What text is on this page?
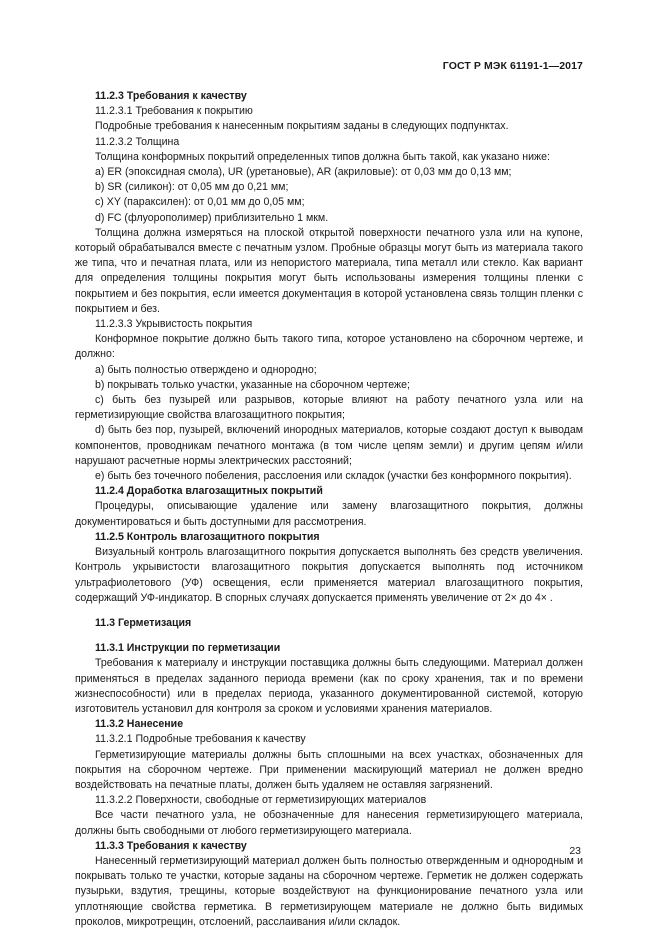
ГОСТ Р МЭК 61191-1—2017

11.2.3 Требования к качеству

11.2.3.1 Требования к покрытию

Подробные требования к нанесенным покрытиям заданы в следующих подпунктах.

11.2.3.2 Толщина

Толщина конформных покрытий определенных типов должна быть такой, как указано ниже:

a) ER (эпоксидная смола), UR (уретановые), AR (акриловые): от 0,03 мм до 0,13 мм;

b) SR (силикон): от 0,05 мм до 0,21 мм;

c) XY (параксилен): от 0,01 мм до 0,05 мм;

d) FC (флуорополимер) приблизительно 1 мкм.

Толщина должна измеряться на плоской открытой поверхности печатного узла или на купоне, который обрабатывался вместе с печатным узлом. Пробные образцы могут быть из материала такого же типа, что и печатная плата, или из непористого материала, типа металл или стекло. Как вариант для определения толщины покрытия могут быть использованы измерения толщины пленки с покрытием и без покрытия, если имеется документация в которой установлена связь толщин пленки с покрытием и без.

11.2.3.3 Укрывистость покрытия

Конформное покрытие должно быть такого типа, которое установлено на сборочном чертеже, и должно:

a) быть полностью отверждено и однородно;

b) покрывать только участки, указанные на сборочном чертеже;

c) быть без пузырей или разрывов, которые влияют на работу печатного узла или на герметизирующие свойства влагозащитного покрытия;

d) быть без пор, пузырей, включений инородных материалов, которые создают доступ к выводам компонентов, проводникам печатного монтажа (в том числе цепям земли) и другим цепям и/или нарушают расчетные нормы электрических расстояний;

e) быть без точечного побеления, расслоения или складок (участки без конформного покрытия).

11.2.4 Доработка влагозащитных покрытий

Процедуры, описывающие удаление или замену влагозащитного покрытия, должны документироваться и быть доступными для рассмотрения.

11.2.5 Контроль влагозащитного покрытия

Визуальный контроль влагозащитного покрытия допускается выполнять без средств увеличения. Контроль укрывистости влагозащитного покрытия допускается выполнять под источником ультрафиолетового (УФ) освещения, если применяется материал влагозащитного покрытия, содержащий УФ-индикатор. В спорных случаях допускается применять увеличение от 2× до 4× .

11.3 Герметизация

11.3.1 Инструкции по герметизации

Требования к материалу и инструкции поставщика должны быть следующими. Материал должен применяться в пределах заданного периода времени (как по сроку хранения, так и по времени жизнеспособности) или в пределах периода, указанного документированной системой, которую изготовитель установил для контроля за сроком и условиями хранения материалов.

11.3.2 Нанесение

11.3.2.1 Подробные требования к качеству

Герметизирующие материалы должны быть сплошными на всех участках, обозначенных для покрытия на сборочном чертеже. При применении маскирующий материал не должен вредно воздействовать на печатные платы, должен быть удаляем не оставляя загрязнений.

11.3.2.2 Поверхности, свободные от герметизирующих материалов

Все части печатного узла, не обозначенные для нанесения герметизирующего материала, должны быть свободными от любого герметизирующего материала.

11.3.3 Требования к качеству

Нанесенный герметизирующий материал должен быть полностью отвержденным и однородным и покрывать только те участки, которые заданы на сборочном чертеже. Герметик не должен содержать пузырьки, вздутия, трещины, которые воздействуют на функционирование печатного узла или уплотняющие свойства герметика. В герметизирующем материале не должно быть видимых проколов, микротрещин, отслоений, расслаивания и/или складок.

23
